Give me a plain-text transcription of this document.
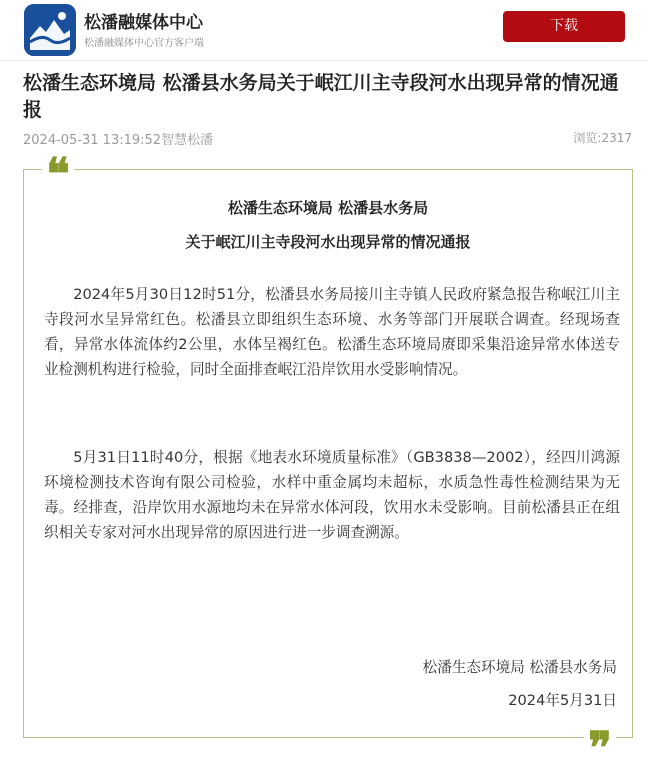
松潘融媒体中心
松潘融媒体中心官方客户端
下载
松潘生态环境局 松潘县水务局关于岷江川主寺段河水出现异常的情况通报
2024-05-31 13:19:52智慧松潘	浏览:2317
❝
松潘生态环境局 松潘县水务局
关于岷江川主寺段河水出现异常的情况通报

2024年5月30日12时51分，松潘县水务局接川主寺镇人民政府紧急报告称岷江川主寺段河水呈异常红色。松潘县立即组织生态环境、水务等部门开展联合调查。经现场查看，异常水体流体约2公里，水体呈褐红色。松潘生态环境局赓即采集沿途异常水体送专业检测机构进行检验，同时全面排查岷江沿岸饮用水受影响情况。

5月31日11时40分，根据《地表水环境质量标准》（GB3838—2002），经四川鸿源环境检测技术咨询有限公司检验，水样中重金属均未超标，水质急性毒性检测结果为无毒。经排查，沿岸饮用水源地均未在异常水体河段，饮用水未受影响。目前松潘县正在组织相关专家对河水出现异常的原因进行进一步调查溯源。

松潘生态环境局 松潘县水务局
2024年5月31日
❞
